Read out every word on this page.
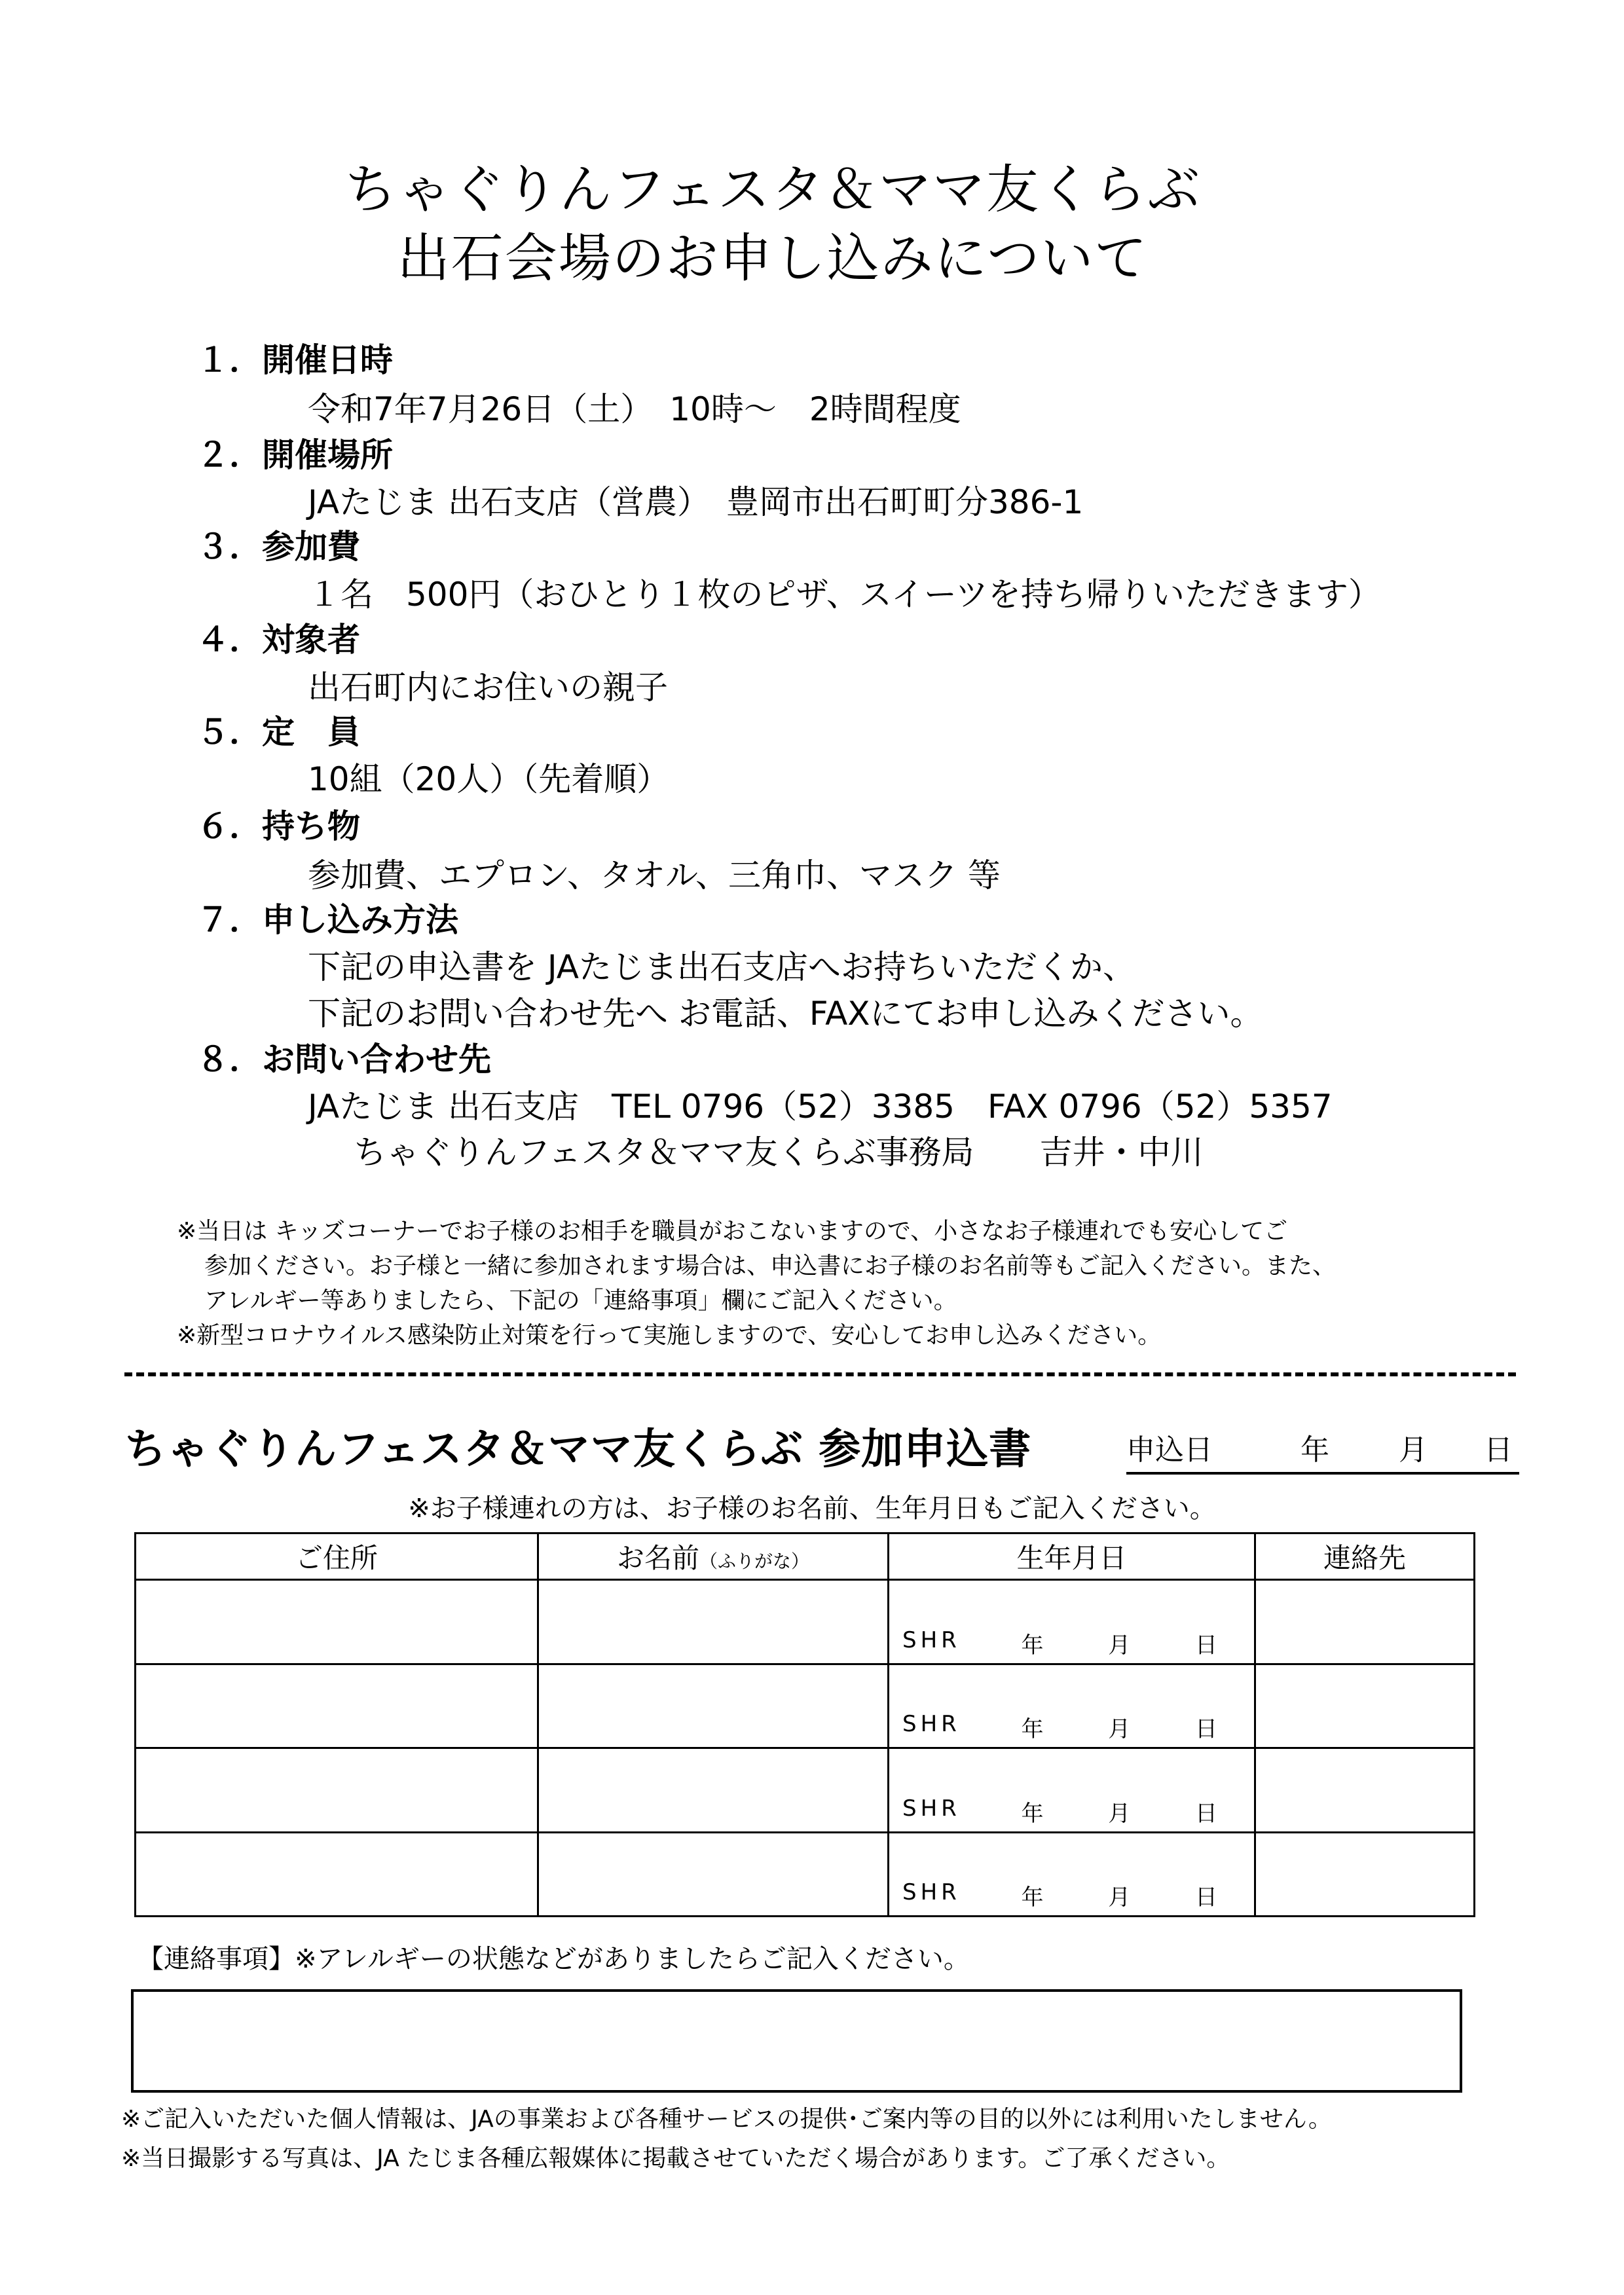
ちゃぐりんフェスタ＆ママ友くらぶ
出石会場のお申し込みについて
１．開催日時
令和7年7月26日（土）　10時～　2時間程度
２．開催場所
JAたじま 出石支店（営農）　豊岡市出石町町分386-1
３．参加費
１名　500円（おひとり１枚のピザ、スイーツを持ち帰りいただきます）
４．対象者
出石町内にお住いの親子
５．定　員
10組（20人）（先着順）
６．持ち物
参加費、エプロン、タオル、三角巾、マスク 等
７．申し込み方法
下記の申込書を JAたじま出石支店へお持ちいただくか、
下記のお問い合わせ先へ お電話、FAXにてお申し込みください。
８．お問い合わせ先
JAたじま 出石支店　TEL 0796（52）3385　FAX 0796（52）5357
ちゃぐりんフェスタ＆ママ友くらぶ事務局　　吉井・中川
※当日は キッズコーナーでお子様のお相手を職員がおこないますので、小さなお子様連れでも安心してご
参加ください。お子様と一緒に参加されます場合は、申込書にお子様のお名前等もご記入ください。また、
アレルギー等ありましたら、下記の「連絡事項」欄にご記入ください。
※新型コロナウイルス感染防止対策を行って実施しますので、安心してお申し込みください。
ちゃぐりんフェスタ＆ママ友くらぶ 参加申込書	申込日	年 月 日
※お子様連れの方は、お子様のお名前、生年月日もご記入ください。
ご住所	お名前（ふりがな）	生年月日	連絡先

		SHR 年 月 日	

		SHR 年 月 日	

		SHR 年 月 日	

		SHR 年 月 日	

【連絡事項】※アレルギーの状態などがありましたらご記入ください。
※ご記入いただいた個人情報は、JAの事業および各種サービスの提供･ご案内等の目的以外には利用いたしません。
※当日撮影する写真は、JA たじま各種広報媒体に掲載させていただく場合があります。ご了承ください。
